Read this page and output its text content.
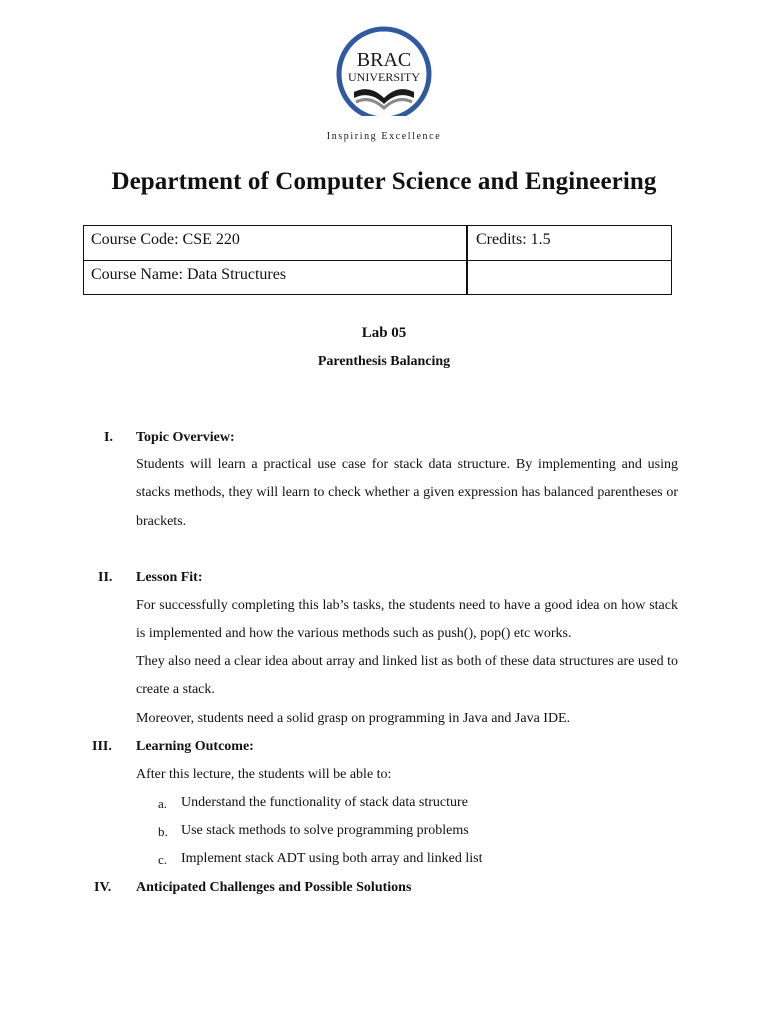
BRAC
UNIVERSITY
Inspiring Excellence
Department of Computer Science and Engineering
Course Code: CSE 220	Credits: 1.5
Course Name: Data Structures
Lab 05
Parenthesis Balancing
I. Topic Overview:
Students will learn a practical use case for stack data structure. By implementing and using stacks methods, they will learn to check whether a given expression has balanced parentheses or brackets.
II. Lesson Fit:
For successfully completing this lab’s tasks, the students need to have a good idea on how stack is implemented and how the various methods such as push(), pop() etc works.
They also need a clear idea about array and linked list as both of these data structures are used to create a stack.
Moreover, students need a solid grasp on programming in Java and Java IDE.
III. Learning Outcome:
After this lecture, the students will be able to:
a. Understand the functionality of stack data structure
b. Use stack methods to solve programming problems
c. Implement stack ADT using both array and linked list
IV. Anticipated Challenges and Possible Solutions
